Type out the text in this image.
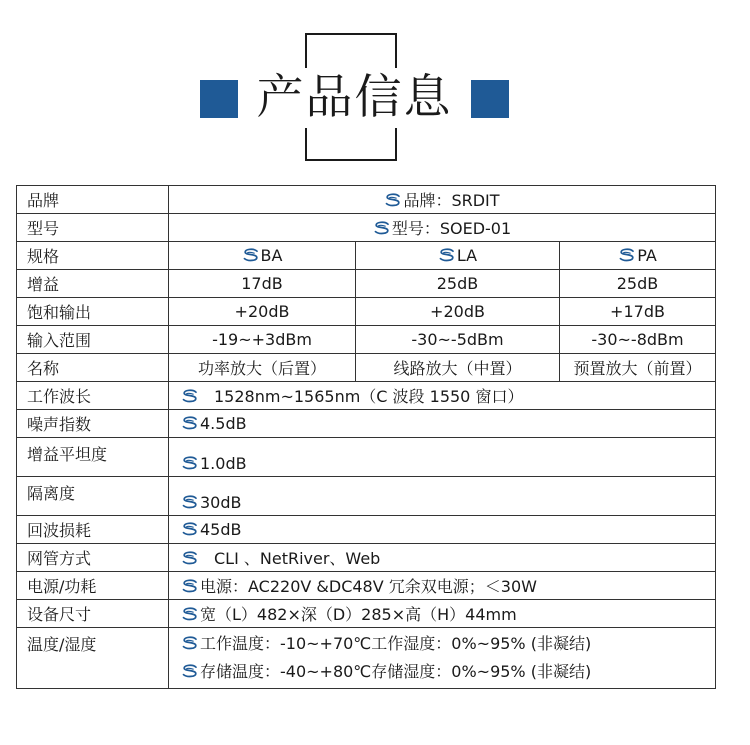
产品信息
品牌	品牌：SRDIT		
型号	型号：SOED-01		
规格	BA	LA	PA
增益	17dB	25dB	25dB
饱和输出	+20dB	+20dB	+17dB
输入范围	-19~+3dBm	-30~-5dBm	-30~-8dBm
名称	功率放大（后置）	线路放大（中置）	预置放大（前置）
工作波长	1528nm~1565nm（C 波段 1550 窗口）		
噪声指数	4.5dB		
增益平坦度	1.0dB		
隔离度	30dB		
回波损耗	45dB		
网管方式	CLI 、NetRiver、Web		
电源/功耗	电源：AC220V &DC48V 冗余双电源；＜30W		
设备尺寸	宽（L）482×深（D）285×高（H）44mm		
温度/湿度	工作温度：-10~+70℃工作湿度：0%~95% (非凝结)
存储温度：-40~+80℃存储湿度：0%~95% (非凝结)		
